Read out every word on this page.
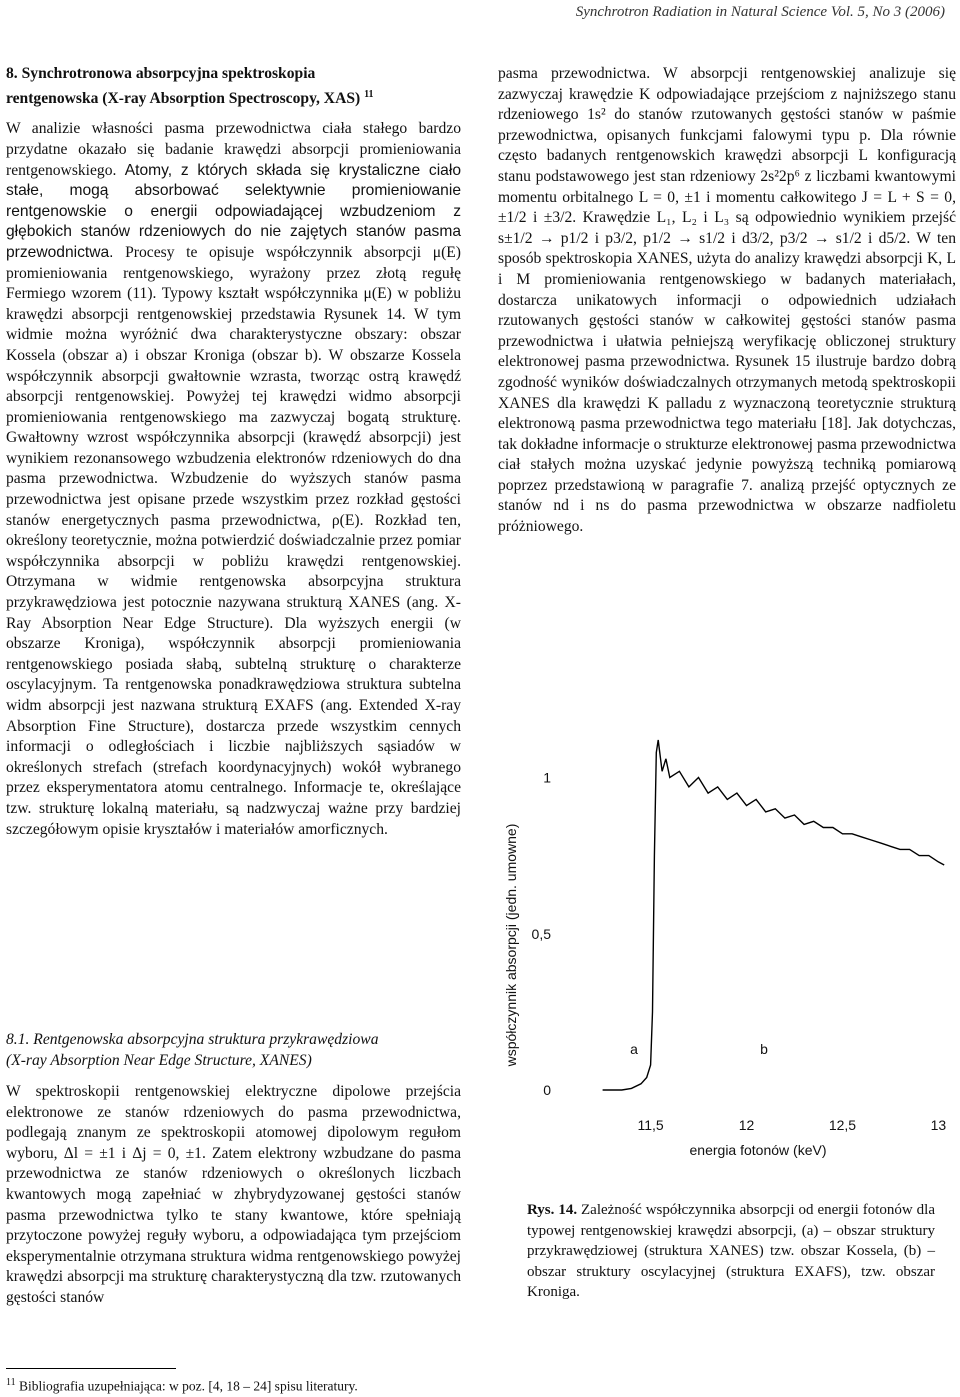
Synchrotron Radiation in Natural Science Vol. 5, No 3 (2006)
8. Synchrotronowa absorpcyjna spektroskopia
rentgenowska (X-ray Absorption Spectroscopy, XAS) $^{11}$

W analizie własności pasma przewodnictwa ciała stałego bardzo przydatne okazało się badanie krawędzi absorpcji promieniowania rentgenowskiego. Atomy, z których składa się krystaliczne ciało stałe, mogą absorbować selektywnie promieniowanie rentgenowskie o energii odpowiadającej wzbudzeniom z głębokich stanów rdzeniowych do nie zajętych stanów pasma przewodnictwa. Procesy te opisuje współczynnik absorpcji μ(E) promieniowania rentgenowskiego, wyrażony przez złotą regułę Fermiego wzorem (11). Typowy kształt współczynnika μ(E) w pobliżu krawędzi absorpcji rentgenowskiej przedstawia Rysunek 14. W tym widmie można wyróżnić dwa charakterystyczne obszary: obszar Kossela (obszar a) i obszar Kroniga (obszar b). W obszarze Kossela współczynnik absorpcji gwałtownie wzrasta, tworząc ostrą krawędź absorpcji rentgenowskiej. Powyżej tej krawędzi widmo absorpcji promieniowania rentgenowskiego ma zazwyczaj bogatą strukturę. Gwałtowny wzrost współczynnika absorpcji (krawędź absorpcji) jest wynikiem rezonansowego wzbudzenia elektronów rdzeniowych do dna pasma przewodnictwa. Wzbudzenie do wyższych stanów pasma przewodnictwa jest opisane przede wszystkim przez rozkład gęstości stanów energetycznych pasma przewodnictwa, ρ(E). Rozkład ten, określony teoretycznie, można potwierdzić doświadczalnie przez pomiar współczynnika absorpcji w pobliżu krawędzi rentgenowskiej. Otrzymana w widmie rentgenowska absorpcyjna struktura przykrawędziowa jest potocznie nazywana strukturą XANES (ang. X-Ray Absorption Near Edge Structure). Dla wyższych energii (w obszarze Kroniga), współczynnik absorpcji promieniowania rentgenowskiego posiada słabą, subtelną strukturę o charakterze oscylacyjnym. Ta rentgenowska ponadkrawędziowa struktura subtelna widm absorpcji jest nazwana strukturą EXAFS (ang. Extended X-ray Absorption Fine Structure), dostarcza przede wszystkim cennych informacji o odległościach i liczbie najbliższych sąsiadów w określonych strefach (strefach koordynacyjnych) wokół wybranego przez eksperymentatora atomu centralnego. Informacje te, określające tzw. strukturę lokalną materiału, są nadzwyczaj ważne przy bardziej szczegółowym opisie kryształów i materiałów amorficznych.

8.1. Rentgenowska absorpcyjna struktura przykrawędziowa
(X-ray Absorption Near Edge Structure, XANES)

W spektroskopii rentgenowskiej elektryczne dipolowe przejścia elektronowe ze stanów rdzeniowych do pasma przewodnictwa, podlegają znanym ze spektroskopii atomowej dipolowym regułom wyboru, Δl = ±1 i Δj = 0, ±1. Zatem elektrony wzbudzane do pasma przewodnictwa ze stanów rdzeniowych o określonych liczbach kwantowych mogą zapełniać w zhybrydyzowanej gęstości stanów pasma przewodnictwa tylko te stany kwantowe, które spełniają przytoczone powyżej reguły wyboru, a odpowiadająca tym przejściom eksperymentalnie otrzymana struktura widma rentgenowskiego powyżej krawędzi absorpcji ma strukturę charakterystyczną dla tzw. rzutowanych gęstości stanów

$^{11}$ Bibliografia uzupełniająca: w poz. [4, 18 – 24] spisu literatury.

pasma przewodnictwa. W absorpcji rentgenowskiej analizuje się zazwyczaj krawędzie K odpowiadające przejściom z najniższego stanu rdzeniowego 1s² do stanów rzutowanych gęstości stanów w paśmie przewodnictwa, opisanych funkcjami falowymi typu p. Dla równie często badanych rentgenowskich krawędzi absorpcji L konfiguracją stanu podstawowego jest stan rdzeniowy 2s²2p⁶ z liczbami kwantowymi momentu orbitalnego L = 0, ±1 i momentu całkowitego J = L + S = 0, ±1/2 i ±3/2. Krawędzie L₁, L₂ i L₃ są odpowiednio wynikiem przejść s±1/2 → p1/2 i p3/2, p1/2 → s1/2 i d3/2, p3/2 → s1/2 i d5/2. W ten sposób spektroskopia XANES, użyta do analizy krawędzi absorpcji K, L i M promieniowania rentgenowskiego w badanych materiałach, dostarcza unikatowych informacji o odpowiednich udziałach rzutowanych gęstości stanów w całkowitej gęstości stanów pasma przewodnictwa i ułatwia pełniejszą weryfikację obliczonej struktury elektronowej pasma przewodnictwa. Rysunek 15 ilustruje bardzo dobrą zgodność wyników doświadczalnych otrzymanych metodą spektroskopii XANES dla krawędzi K palladu z wyznaczoną teoretycznie strukturą elektronową pasma przewodnictwa tego materiału [18]. Jak dotychczas, tak dokładne informacje o strukturze elektronowej pasma przewodnictwa ciał stałych można uzyskać jedynie powyższą techniką pomiarową poprzez przedstawioną w paragrafie 7. analizą przejść optycznych ze stanów nd i ns do pasma przewodnictwa w obszarze nadfioletu próżniowego.

współczynnik absorpcji (jedn. umowne)
energia fotonów (keV)
11,5	12	12,5	13
0
0,5
1
a	b
Rys. 14. Zależność współczynnika absorpcji od energii fotonów dla typowej rentgenowskiej krawędzi absorpcji, (a) – obszar struktury przykrawędziowej (struktura XANES) tzw. obszar Kossela, (b) – obszar struktury oscylacyjnej (struktura EXAFS), tzw. obszar Kroniga.
